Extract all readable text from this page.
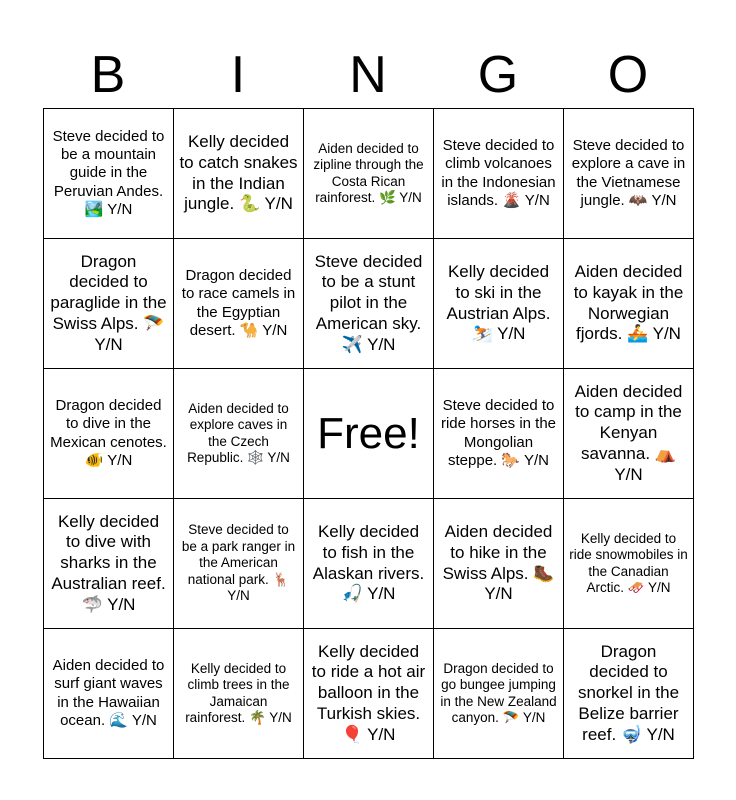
B	I	N	G	O
Steve decided to be a mountain guide in the Peruvian Andes. 🏞️ Y/N	Kelly decided to catch snakes in the Indian jungle. 🐍 Y/N	Aiden decided to zipline through the Costa Rican rainforest. 🌿 Y/N	Steve decided to climb volcanoes in the Indonesian islands. 🌋 Y/N	Steve decided to explore a cave in the Vietnamese jungle. 🦇 Y/N
Dragon decided to paraglide in the Swiss Alps. 🪂 Y/N	Dragon decided to race camels in the Egyptian desert. 🐪 Y/N	Steve decided to be a stunt pilot in the American sky. ✈️ Y/N	Kelly decided to ski in the Austrian Alps. ⛷️ Y/N	Aiden decided to kayak in the Norwegian fjords. 🚣 Y/N
Dragon decided to dive in the Mexican cenotes. 🐠 Y/N	Aiden decided to explore caves in the Czech Republic. 🕸️ Y/N	Free!	Steve decided to ride horses in the Mongolian steppe. 🐎 Y/N	Aiden decided to camp in the Kenyan savanna. ⛺ Y/N
Kelly decided to dive with sharks in the Australian reef. 🦈 Y/N	Steve decided to be a park ranger in the American national park. 🦌 Y/N	Kelly decided to fish in the Alaskan rivers. 🎣 Y/N	Aiden decided to hike in the Swiss Alps. 🥾 Y/N	Kelly decided to ride snowmobiles in the Canadian Arctic. 🛷 Y/N
Aiden decided to surf giant waves in the Hawaiian ocean. 🌊 Y/N	Kelly decided to climb trees in the Jamaican rainforest. 🌴 Y/N	Kelly decided to ride a hot air balloon in the Turkish skies. 🎈 Y/N	Dragon decided to go bungee jumping in the New Zealand canyon. 🪂 Y/N	Dragon decided to snorkel in the Belize barrier reef. 🤿 Y/N
